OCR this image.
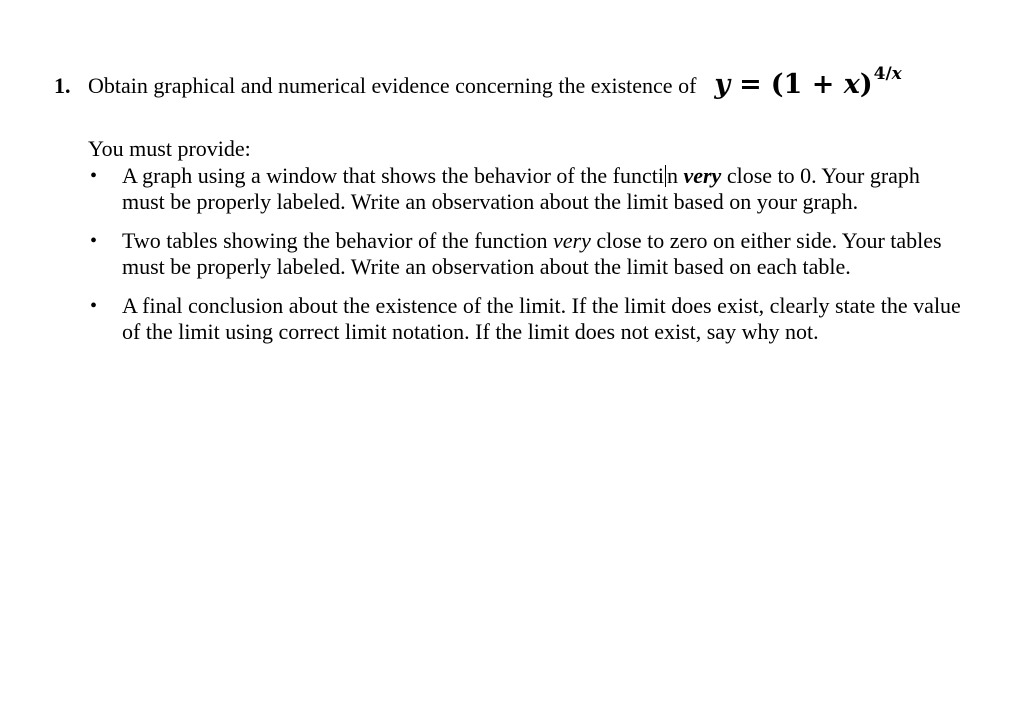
1. Obtain graphical and numerical evidence concerning the existence of y = (1 + x ) 4/x
You must provide:
•	A graph using a window that shows the behavior of the functi n very close to 0. Your graph must be properly labeled. Write an observation about the limit based on your graph.
•	Two tables showing the behavior of the function very close to zero on either side. Your tables must be properly labeled. Write an observation about the limit based on each table.
•	A final conclusion about the existence of the limit. If the limit does exist, clearly state the value of the limit using correct limit notation. If the limit does not exist, say why not.
